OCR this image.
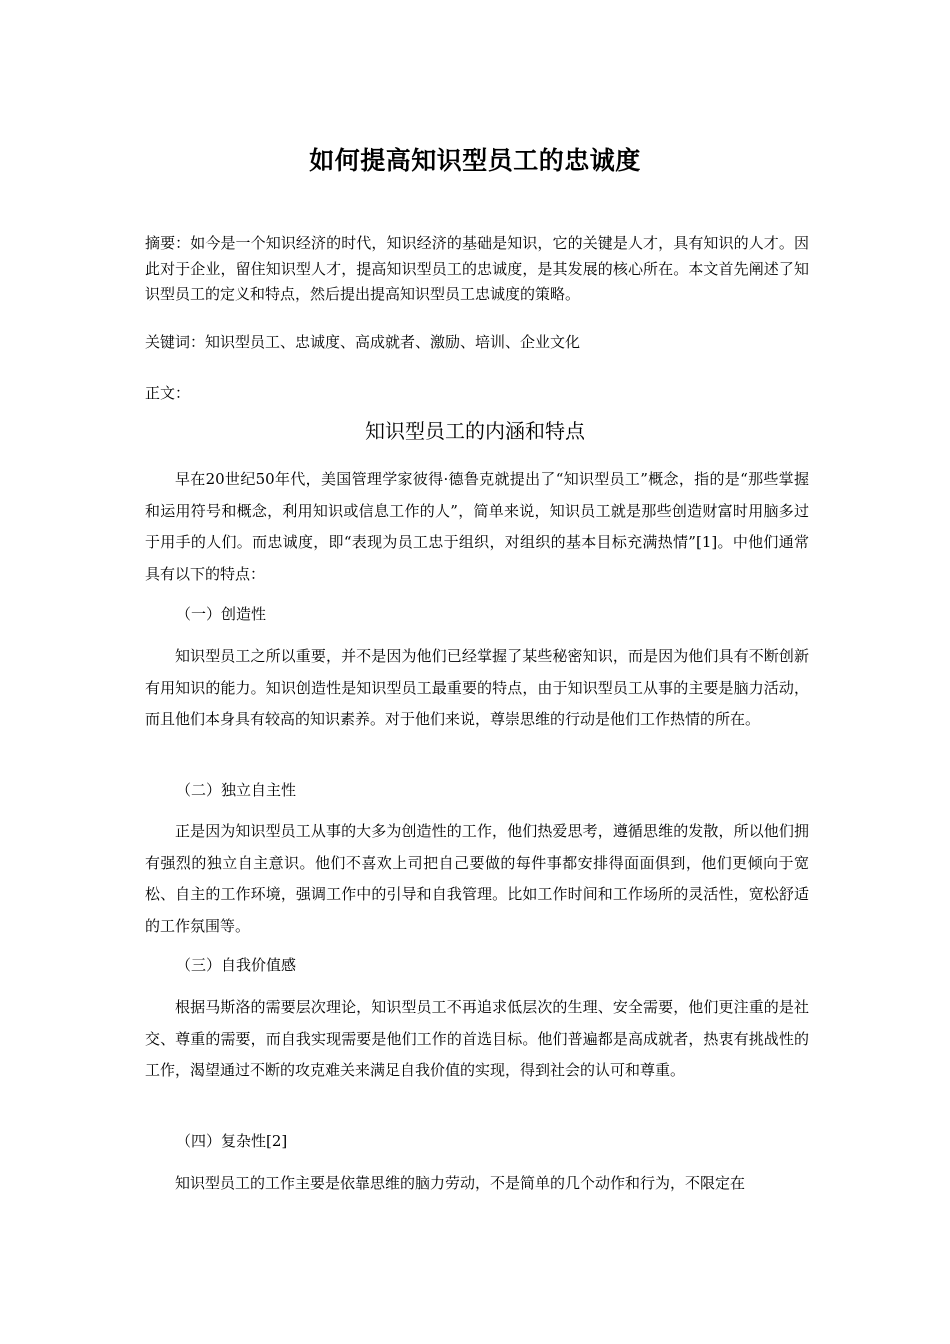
如何提高知识型员工的忠诚度
摘要：如今是一个知识经济的时代，知识经济的基础是知识，它的关键是人才，具有知识的人才。因此对于企业，留住知识型人才，提高知识型员工的忠诚度，是其发展的核心所在。本文首先阐述了知识型员工的定义和特点，然后提出提高知识型员工忠诚度的策略。
关键词：知识型员工、忠诚度、高成就者、激励、培训、企业文化
正文：
知识型员工的内涵和特点
早在20世纪50年代，美国管理学家彼得·德鲁克就提出了“知识型员工”概念，指的是“那些掌握和运用符号和概念，利用知识或信息工作的人”，简单来说，知识员工就是那些创造财富时用脑多过于用手的人们。而忠诚度，即“表现为员工忠于组织，对组织的基本目标充满热情”[1]。中他们通常具有以下的特点：
（一）创造性
知识型员工之所以重要，并不是因为他们已经掌握了某些秘密知识，而是因为他们具有不断创新有用知识的能力。知识创造性是知识型员工最重要的特点，由于知识型员工从事的主要是脑力活动，而且他们本身具有较高的知识素养。对于他们来说，尊崇思维的行动是他们工作热情的所在。
（二）独立自主性
正是因为知识型员工从事的大多为创造性的工作，他们热爱思考，遵循思维的发散，所以他们拥有强烈的独立自主意识。他们不喜欢上司把自己要做的每件事都安排得面面俱到，他们更倾向于宽松、自主的工作环境，强调工作中的引导和自我管理。比如工作时间和工作场所的灵活性，宽松舒适的工作氛围等。
（三）自我价值感
根据马斯洛的需要层次理论，知识型员工不再追求低层次的生理、安全需要，他们更注重的是社交、尊重的需要，而自我实现需要是他们工作的首选目标。他们普遍都是高成就者，热衷有挑战性的工作，渴望通过不断的攻克难关来满足自我价值的实现，得到社会的认可和尊重。
（四）复杂性[2]
知识型员工的工作主要是依靠思维的脑力劳动，不是简单的几个动作和行为，不限定在
